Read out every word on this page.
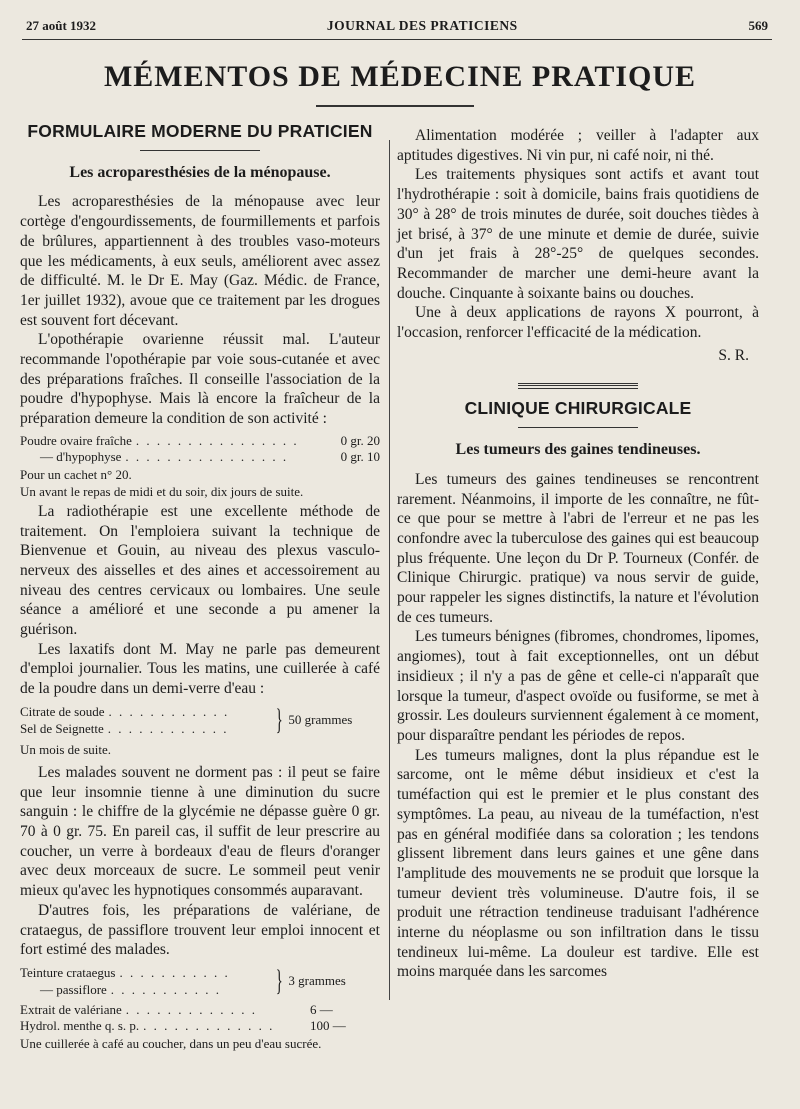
27 août 1932	JOURNAL DES PRATICIENS	569
MÉMENTOS DE MÉDECINE PRATIQUE
FORMULAIRE MODERNE DU PRATICIEN
Les acroparesthésies de la ménopause.

Les acroparesthésies de la ménopause avec leur cortège d'engourdissements, de fourmillements et parfois de brûlures, appartiennent à des troubles vaso-moteurs que les médicaments, à eux seuls, améliorent avec assez de difficulté. M. le Dr E. May (Gaz. Médic. de France, 1er juillet 1932), avoue que ce traitement par les drogues est souvent fort décevant.

L'opothérapie ovarienne réussit mal. L'auteur recommande l'opothérapie par voie sous-cutanée et avec des préparations fraîches. Il conseille l'association de la poudre d'hypophyse. Mais là encore la fraîcheur de la préparation demeure la condition de son activité :

Poudre ovaire fraîche . . . . . . . . . . . . . . . .	0 gr. 20
— d'hypophyse . . . . . . . . . . . . . . . .	0 gr. 10
Pour un cachet n° 20.
Un avant le repas de midi et du soir, dix jours de suite.

La radiothérapie est une excellente méthode de traitement. On l'emploiera suivant la technique de Bienvenue et Gouin, au niveau des plexus vasculo-nerveux des aisselles et des aines et accessoirement au niveau des centres cervicaux ou lombaires. Une seule séance a amélioré et une seconde a pu amener la guérison.

Les laxatifs dont M. May ne parle pas demeurent d'emploi journalier. Tous les matins, une cuillerée à café de la poudre dans un demi-verre d'eau :

Citrate de soude . . . . . . . . . . . .
Sel de Seignette . . . . . . . . . . . .	} 50 grammes
Un mois de suite.

Les malades souvent ne dorment pas : il peut se faire que leur insomnie tienne à une diminution du sucre sanguin : le chiffre de la glycémie ne dépasse guère 0 gr. 70 à 0 gr. 75. En pareil cas, il suffit de leur prescrire au coucher, un verre à bordeaux d'eau de fleurs d'oranger avec deux morceaux de sucre. Le sommeil peut venir mieux qu'avec les hypnotiques consommés auparavant.

D'autres fois, les préparations de valériane, de crataegus, de passiflore trouvent leur emploi innocent et fort estimé des malades.

Teinture crataegus . . . . . . . . . . .
— passiflore . . . . . . . . . . .	} 3 grammes
Extrait de valériane . . . . . . . . . . . . .	6 —
Hydrol. menthe q. s. p. . . . . . . . . . . . . .	100 —
Une cuillerée à café au coucher, dans un peu d'eau sucrée.

Alimentation modérée ; veiller à l'adapter aux aptitudes digestives. Ni vin pur, ni café noir, ni thé.

Les traitements physiques sont actifs et avant tout l'hydrothérapie : soit à domicile, bains frais quotidiens de 30° à 28° de trois minutes de durée, soit douches tièdes à jet brisé, à 37° de une minute et demie de durée, suivie d'un jet frais à 28°-25° de quelques secondes. Recommander de marcher une demi-heure avant la douche. Cinquante à soixante bains ou douches.

Une à deux applications de rayons X pourront, à l'occasion, renforcer l'efficacité de la médication.

S. R.
CLINIQUE CHIRURGICALE
Les tumeurs des gaines tendineuses.

Les tumeurs des gaines tendineuses se rencontrent rarement. Néanmoins, il importe de les connaître, ne fût-ce que pour se mettre à l'abri de l'erreur et ne pas les confondre avec la tuberculose des gaines qui est beaucoup plus fréquente. Une leçon du Dr P. Tourneux (Confér. de Clinique Chirurgic. pratique) va nous servir de guide, pour rappeler les signes distinctifs, la nature et l'évolution de ces tumeurs.

Les tumeurs bénignes (fibromes, chondromes, lipomes, angiomes), tout à fait exceptionnelles, ont un début insidieux ; il n'y a pas de gêne et celle-ci n'apparaît que lorsque la tumeur, d'aspect ovoïde ou fusiforme, se met à grossir. Les douleurs surviennent également à ce moment, pour disparaître pendant les périodes de repos.

Les tumeurs malignes, dont la plus répandue est le sarcome, ont le même début insidieux et c'est la tuméfaction qui est le premier et le plus constant des symptômes. La peau, au niveau de la tuméfaction, n'est pas en général modifiée dans sa coloration ; les tendons glissent librement dans leurs gaines et une gêne dans l'amplitude des mouvements ne se produit que lorsque la tumeur devient très volumineuse. D'autre fois, il se produit une rétraction tendineuse traduisant l'adhérence interne du néoplasme ou son infiltration dans le tissu tendineux lui-même. La douleur est tardive. Elle est moins marquée dans les sarcomes
